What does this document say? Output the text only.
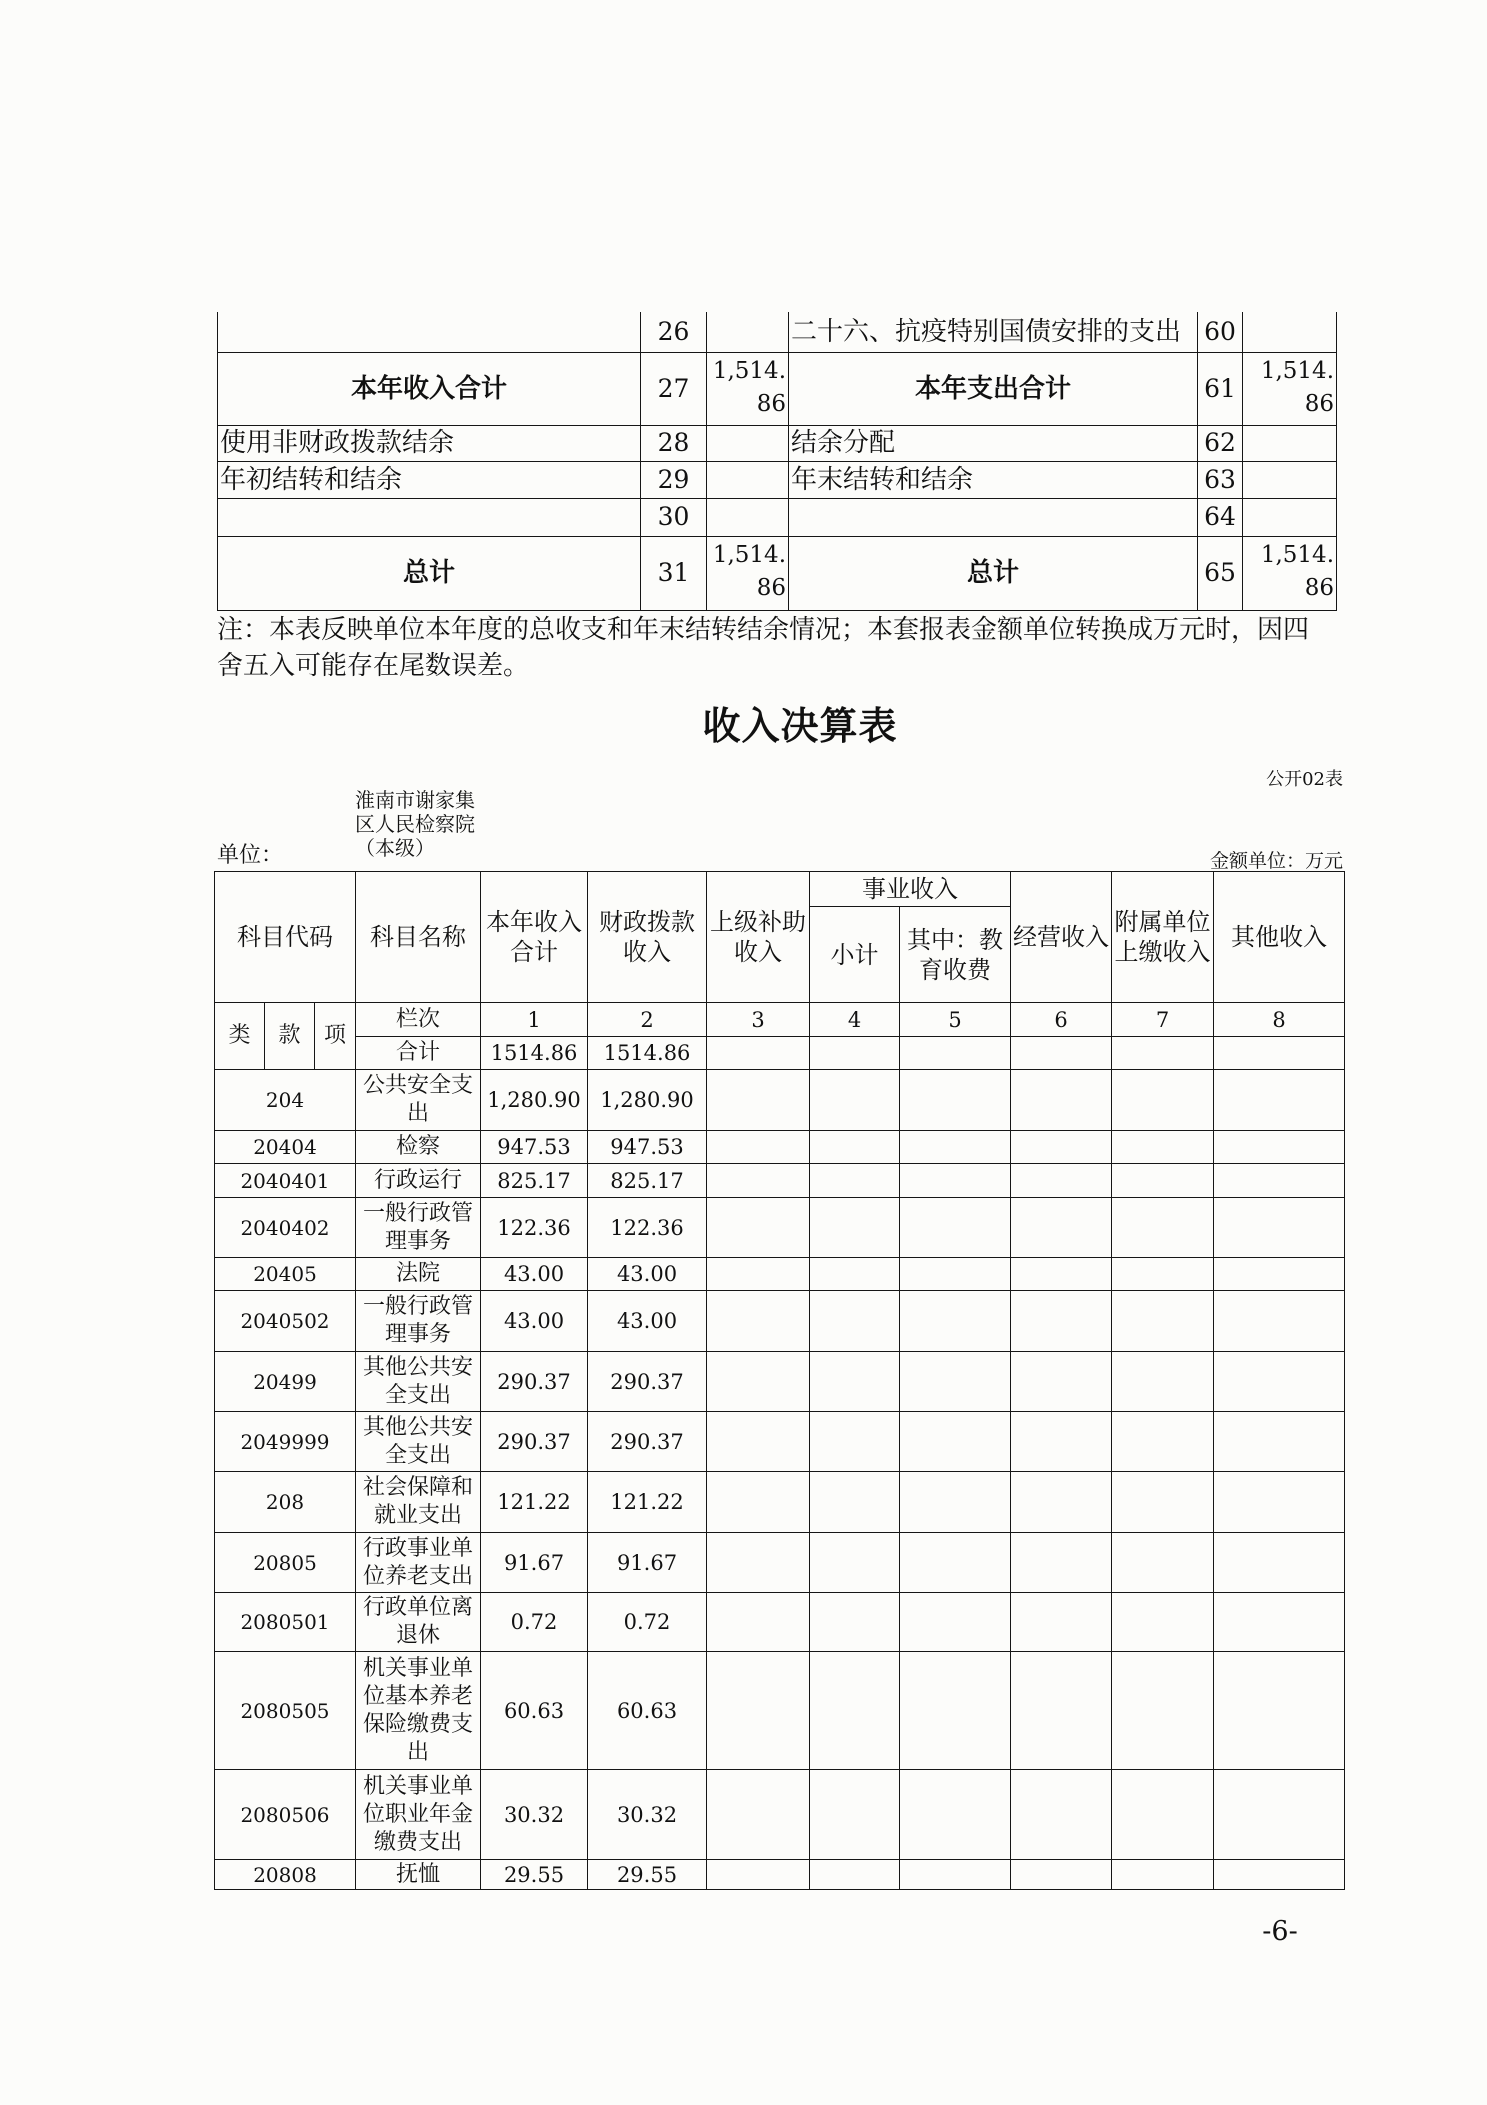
	26		二十六、抗疫特别国债安排的支出	60	
本年收入合计	27	1,514.86	本年支出合计	61	1,514.86
使用非财政拨款结余	28		结余分配	62	
年初结转和结余	29		年末结转和结余	63	
	30			64	
总计	31	1,514.86	总计	65	1,514.86
注：本表反映单位本年度的总收支和年末结转结余情况；本套报表金额单位转换成万元时，因四舍五入可能存在尾数误差。
收入决算表
公开02表
单位：
淮南市谢家集区人民检察院（本级）
金额单位：万元
科目代码			科目名称	本年收入合计	财政拨款收入	上级补助收入	事业收入		经营收入	附属单位上缴收入	其他收入
							小计	其中：教育收费			
类	款	项	栏次	1	2	3	4	5	6	7	8
			合计	1514.86	1514.86						
204			公共安全支出	1,280.90	1,280.90						
20404			检察	947.53	947.53						
2040401			行政运行	825.17	825.17						
2040402			一般行政管理事务	122.36	122.36						
20405			法院	43.00	43.00						
2040502			一般行政管理事务	43.00	43.00						
20499			其他公共安全支出	290.37	290.37						
2049999			其他公共安全支出	290.37	290.37						
208			社会保障和就业支出	121.22	121.22						
20805			行政事业单位养老支出	91.67	91.67						
2080501			行政单位离退休	0.72	0.72						
2080505			机关事业单位基本养老保险缴费支出	60.63	60.63						
2080506			机关事业单位职业年金缴费支出	30.32	30.32						
20808			抚恤	29.55	29.55						
-6-
